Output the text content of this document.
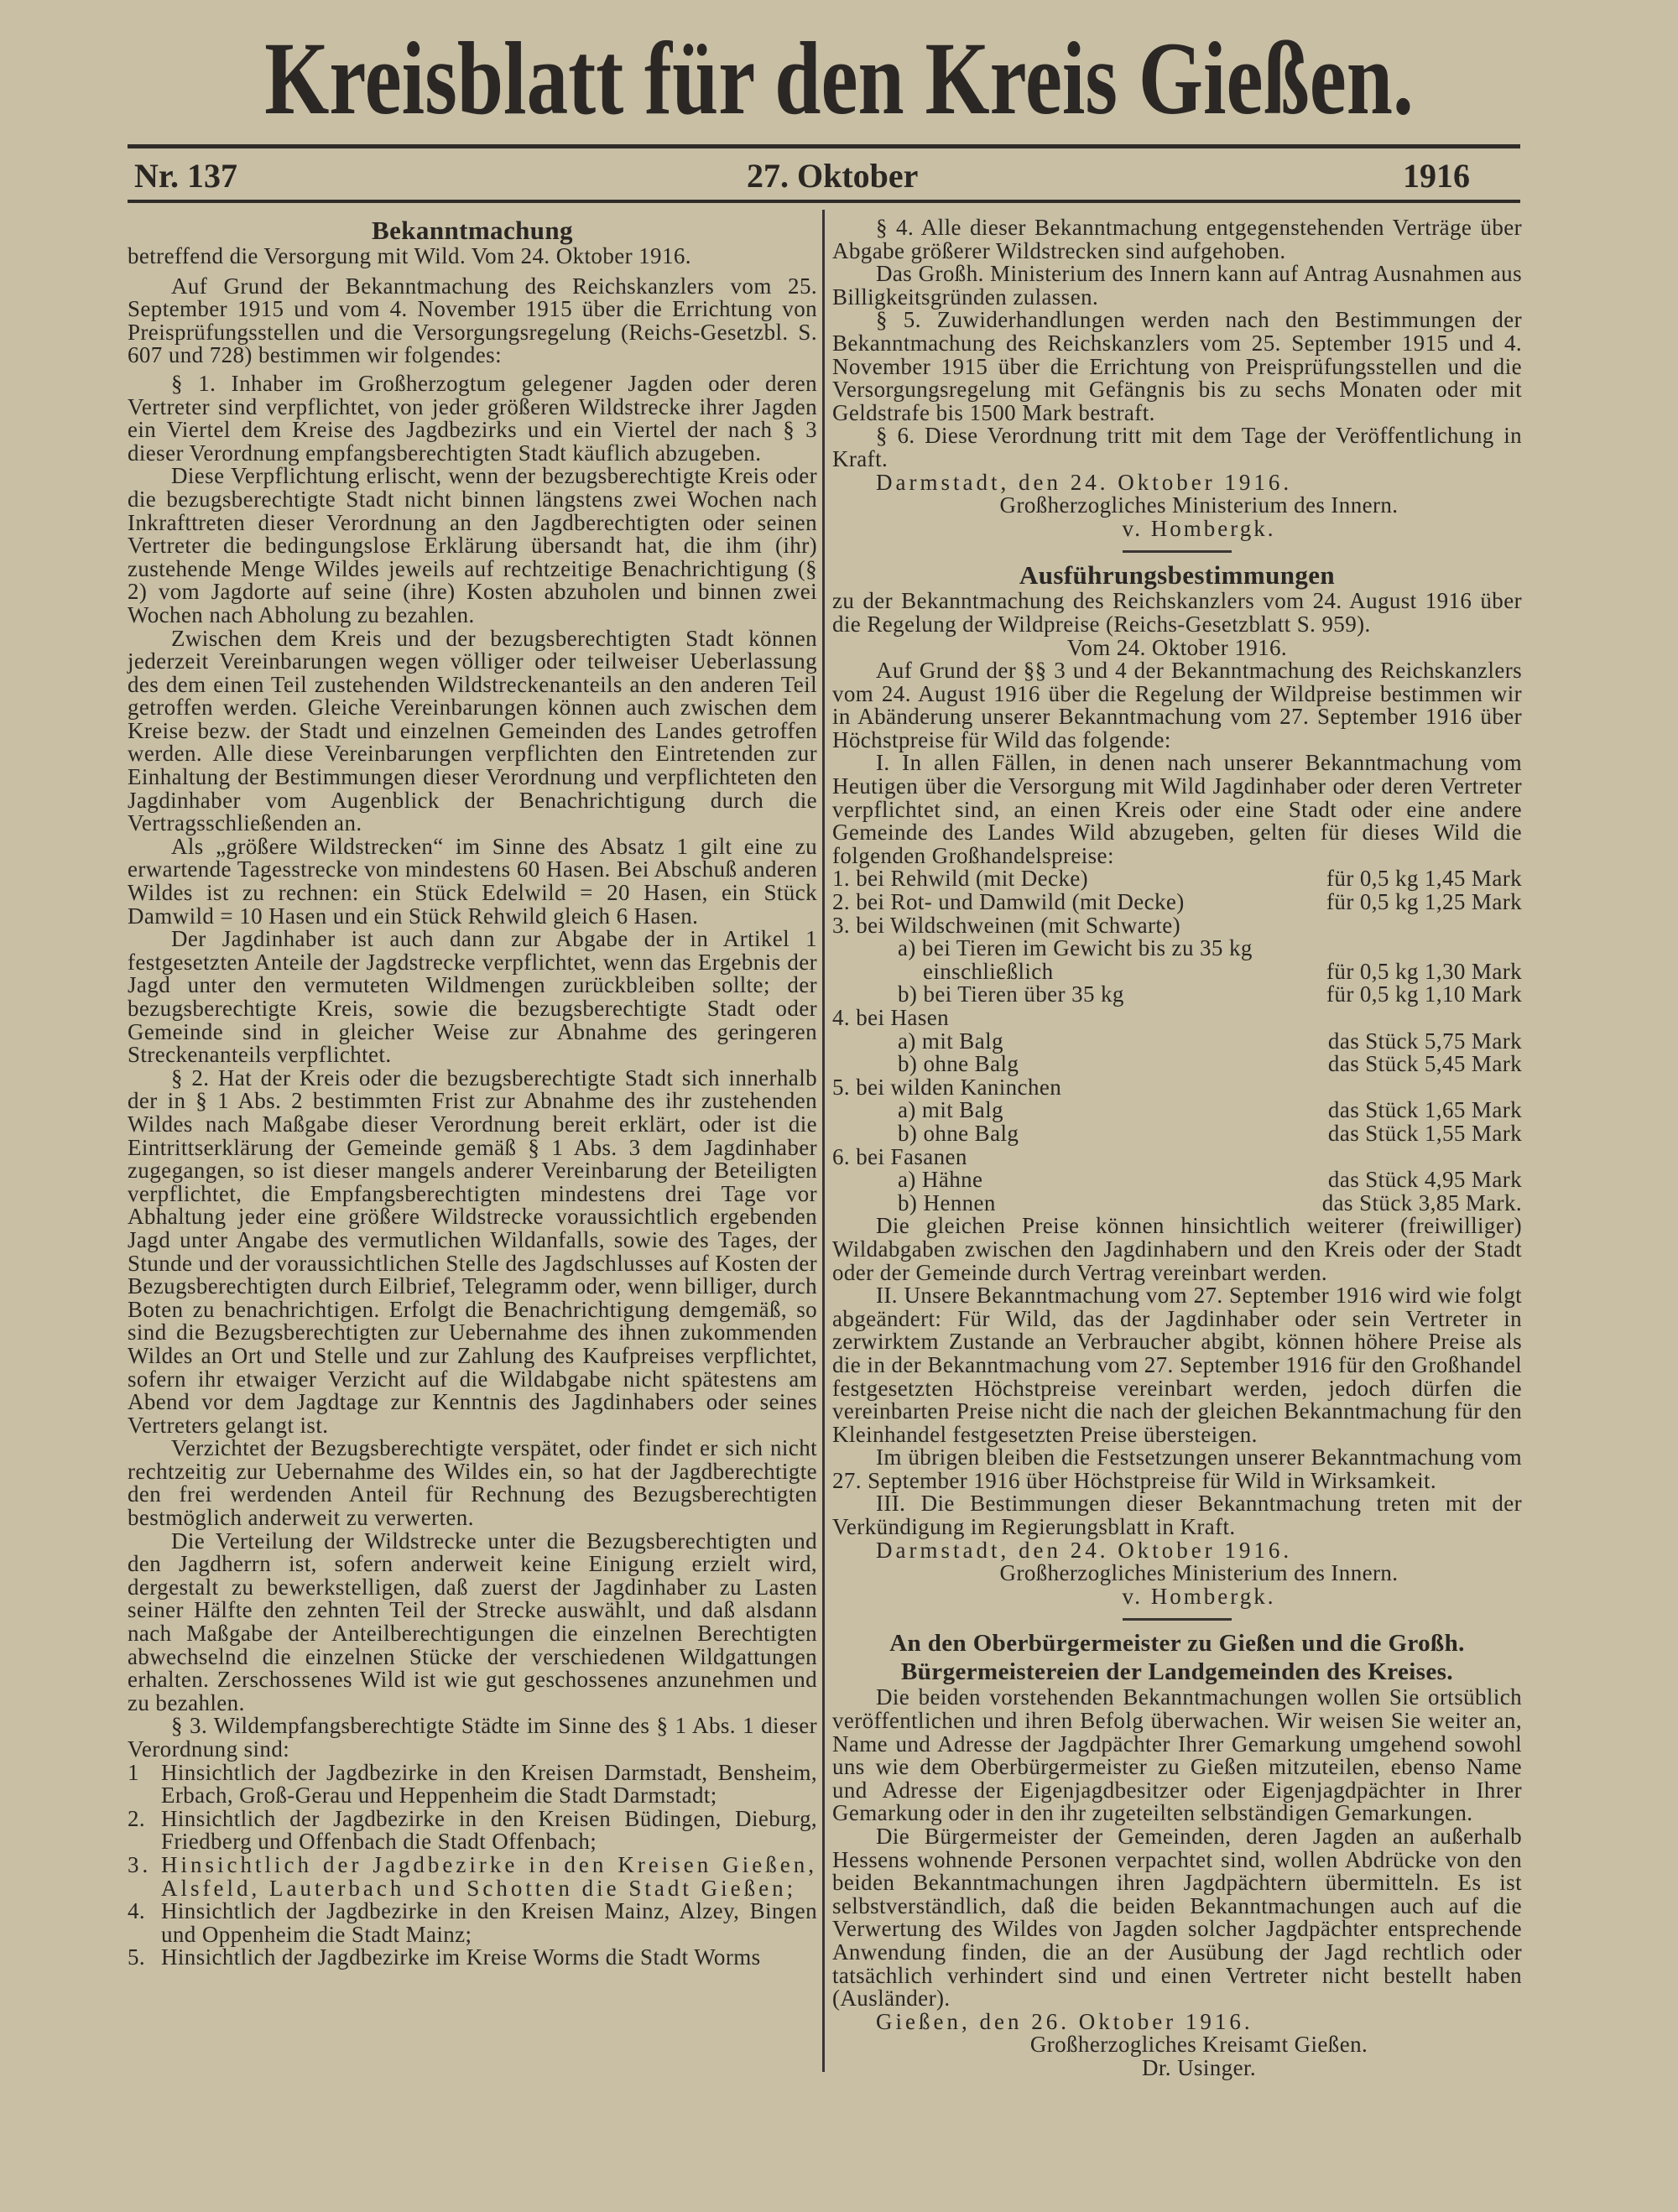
Kreisblatt für den Kreis Gießen.
Nr. 137	27. Oktober	1916
Bekanntmachung

betreffend die Versorgung mit Wild. Vom 24. Oktober 1916.

Auf Grund der Bekanntmachung des Reichskanzlers vom 25. September 1915 und vom 4. November 1915 über die Errichtung von Preisprüfungsstellen und die Versorgungsregelung (Reichs-Gesetzbl. S. 607 und 728) bestimmen wir folgendes:

§ 1. Inhaber im Großherzogtum gelegener Jagden oder deren Vertreter sind verpflichtet, von jeder größeren Wildstrecke ihrer Jagden ein Viertel dem Kreise des Jagdbezirks und ein Viertel der nach § 3 dieser Verordnung empfangsberechtigten Stadt käuflich abzugeben.

Diese Verpflichtung erlischt, wenn der bezugsberechtigte Kreis oder die bezugsberechtigte Stadt nicht binnen längstens zwei Wochen nach Inkrafttreten dieser Verordnung an den Jagdberechtigten oder seinen Vertreter die bedingungslose Erklärung übersandt hat, die ihm (ihr) zustehende Menge Wildes jeweils auf rechtzeitige Benachrichtigung (§ 2) vom Jagdorte auf seine (ihre) Kosten abzuholen und binnen zwei Wochen nach Abholung zu bezahlen.

Zwischen dem Kreis und der bezugsberechtigten Stadt können jederzeit Vereinbarungen wegen völliger oder teilweiser Ueberlassung des dem einen Teil zustehenden Wildstreckenanteils an den anderen Teil getroffen werden. Gleiche Vereinbarungen können auch zwischen dem Kreise bezw. der Stadt und einzelnen Gemeinden des Landes getroffen werden. Alle diese Vereinbarungen verpflichten den Eintretenden zur Einhaltung der Bestimmungen dieser Verordnung und verpflichteten den Jagdinhaber vom Augenblick der Benachrichtigung durch die Vertragsschließenden an.

Als „größere Wildstrecken“ im Sinne des Absatz 1 gilt eine zu erwartende Tagesstrecke von mindestens 60 Hasen. Bei Abschuß anderen Wildes ist zu rechnen: ein Stück Edelwild = 20 Hasen, ein Stück Damwild = 10 Hasen und ein Stück Rehwild gleich 6 Hasen.

Der Jagdinhaber ist auch dann zur Abgabe der in Artikel 1 festgesetzten Anteile der Jagdstrecke verpflichtet, wenn das Ergebnis der Jagd unter den vermuteten Wildmengen zurückbleiben sollte; der bezugsberechtigte Kreis, sowie die bezugsberechtigte Stadt oder Gemeinde sind in gleicher Weise zur Abnahme des geringeren Streckenanteils verpflichtet.

§ 2. Hat der Kreis oder die bezugsberechtigte Stadt sich innerhalb der in § 1 Abs. 2 bestimmten Frist zur Abnahme des ihr zustehenden Wildes nach Maßgabe dieser Verordnung bereit erklärt, oder ist die Eintrittserklärung der Gemeinde gemäß § 1 Abs. 3 dem Jagdinhaber zugegangen, so ist dieser mangels anderer Vereinbarung der Beteiligten verpflichtet, die Empfangsberechtigten mindestens drei Tage vor Abhaltung jeder eine größere Wildstrecke voraussichtlich ergebenden Jagd unter Angabe des vermutlichen Wildanfalls, sowie des Tages, der Stunde und der voraussichtlichen Stelle des Jagdschlusses auf Kosten der Bezugsberechtigten durch Eilbrief, Telegramm oder, wenn billiger, durch Boten zu benachrichtigen. Erfolgt die Benachrichtigung demgemäß, so sind die Bezugsberechtigten zur Uebernahme des ihnen zukommenden Wildes an Ort und Stelle und zur Zahlung des Kaufpreises verpflichtet, sofern ihr etwaiger Verzicht auf die Wildabgabe nicht spätestens am Abend vor dem Jagdtage zur Kenntnis des Jagdinhabers oder seines Vertreters gelangt ist.

Verzichtet der Bezugsberechtigte verspätet, oder findet er sich nicht rechtzeitig zur Uebernahme des Wildes ein, so hat der Jagdberechtigte den frei werdenden Anteil für Rechnung des Bezugsberechtigten bestmöglich anderweit zu verwerten.

Die Verteilung der Wildstrecke unter die Bezugsberechtigten und den Jagdherrn ist, sofern anderweit keine Einigung erzielt wird, dergestalt zu bewerkstelligen, daß zuerst der Jagdinhaber zu Lasten seiner Hälfte den zehnten Teil der Strecke auswählt, und daß alsdann nach Maßgabe der Anteilberechtigungen die einzelnen Berechtigten abwechselnd die einzelnen Stücke der verschiedenen Wildgattungen erhalten. Zerschossenes Wild ist wie gut geschossenes anzunehmen und zu bezahlen.

§ 3. Wildempfangsberechtigte Städte im Sinne des § 1 Abs. 1 dieser Verordnung sind:

1 Hinsichtlich der Jagdbezirke in den Kreisen Darmstadt, Bensheim, Erbach, Groß-Gerau und Heppenheim die Stadt Darmstadt;
2. Hinsichtlich der Jagdbezirke in den Kreisen Büdingen, Dieburg, Friedberg und Offenbach die Stadt Offenbach;
3. Hinsichtlich der Jagdbezirke in den Kreisen Gießen, Alsfeld, Lauterbach und Schotten die Stadt Gießen;
4. Hinsichtlich der Jagdbezirke in den Kreisen Mainz, Alzey, Bingen und Oppenheim die Stadt Mainz;
5. Hinsichtlich der Jagdbezirke im Kreise Worms die Stadt Worms

§ 4. Alle dieser Bekanntmachung entgegenstehenden Verträge über Abgabe größerer Wildstrecken sind aufgehoben.

Das Großh. Ministerium des Innern kann auf Antrag Ausnahmen aus Billigkeitsgründen zulassen.

§ 5. Zuwiderhandlungen werden nach den Bestimmungen der Bekanntmachung des Reichskanzlers vom 25. September 1915 und 4. November 1915 über die Errichtung von Preisprüfungsstellen und die Versorgungsregelung mit Gefängnis bis zu sechs Monaten oder mit Geldstrafe bis 1500 Mark bestraft.

§ 6. Diese Verordnung tritt mit dem Tage der Veröffentlichung in Kraft.

Darmstadt, den 24. Oktober 1916.

Großherzogliches Ministerium des Innern.

v. Hombergk.

Ausführungsbestimmungen

zu der Bekanntmachung des Reichskanzlers vom 24. August 1916 über die Regelung der Wildpreise (Reichs-Gesetzblatt S. 959).

Vom 24. Oktober 1916.

Auf Grund der §§ 3 und 4 der Bekanntmachung des Reichskanzlers vom 24. August 1916 über die Regelung der Wildpreise bestimmen wir in Abänderung unserer Bekanntmachung vom 27. September 1916 über Höchstpreise für Wild das folgende:

I. In allen Fällen, in denen nach unserer Bekanntmachung vom Heutigen über die Versorgung mit Wild Jagdinhaber oder deren Vertreter verpflichtet sind, an einen Kreis oder eine Stadt oder eine andere Gemeinde des Landes Wild abzugeben, gelten für dieses Wild die folgenden Großhandelspreise:

1. bei Rehwild (mit Decke)	für 0,5 kg 1,45 Mark
2. bei Rot- und Damwild (mit Decke)	für 0,5 kg 1,25 Mark
3. bei Wildschweinen (mit Schwarte)
a) bei Tieren im Gewicht bis zu 35 kg
einschließlich	für 0,5 kg 1,30 Mark
b) bei Tieren über 35 kg	für 0,5 kg 1,10 Mark
4. bei Hasen
a) mit Balg	das Stück 5,75 Mark
b) ohne Balg	das Stück 5,45 Mark
5. bei wilden Kaninchen
a) mit Balg	das Stück 1,65 Mark
b) ohne Balg	das Stück 1,55 Mark
6. bei Fasanen
a) Hähne	das Stück 4,95 Mark
b) Hennen	das Stück 3,85 Mark.

Die gleichen Preise können hinsichtlich weiterer (freiwilliger) Wildabgaben zwischen den Jagdinhabern und den Kreis oder der Stadt oder der Gemeinde durch Vertrag vereinbart werden.

II. Unsere Bekanntmachung vom 27. September 1916 wird wie folgt abgeändert: Für Wild, das der Jagdinhaber oder sein Vertreter in zerwirktem Zustande an Verbraucher abgibt, können höhere Preise als die in der Bekanntmachung vom 27. September 1916 für den Großhandel festgesetzten Höchstpreise vereinbart werden, jedoch dürfen die vereinbarten Preise nicht die nach der gleichen Bekanntmachung für den Kleinhandel festgesetzten Preise übersteigen.

Im übrigen bleiben die Festsetzungen unserer Bekanntmachung vom 27. September 1916 über Höchstpreise für Wild in Wirksamkeit.

III. Die Bestimmungen dieser Bekanntmachung treten mit der Verkündigung im Regierungsblatt in Kraft.

Darmstadt, den 24. Oktober 1916.

Großherzogliches Ministerium des Innern.

v. Hombergk.

An den Oberbürgermeister zu Gießen und die Großh. Bürgermeistereien der Landgemeinden des Kreises.

Die beiden vorstehenden Bekanntmachungen wollen Sie ortsüblich veröffentlichen und ihren Befolg überwachen. Wir weisen Sie weiter an, Name und Adresse der Jagdpächter Ihrer Gemarkung umgehend sowohl uns wie dem Oberbürgermeister zu Gießen mitzuteilen, ebenso Name und Adresse der Eigenjagdbesitzer oder Eigenjagdpächter in Ihrer Gemarkung oder in den ihr zugeteilten selbständigen Gemarkungen.

Die Bürgermeister der Gemeinden, deren Jagden an außerhalb Hessens wohnende Personen verpachtet sind, wollen Abdrücke von den beiden Bekanntmachungen ihren Jagdpächtern übermitteln. Es ist selbstverständlich, daß die beiden Bekanntmachungen auch auf die Verwertung des Wildes von Jagden solcher Jagdpächter entsprechende Anwendung finden, die an der Ausübung der Jagd rechtlich oder tatsächlich verhindert sind und einen Vertreter nicht bestellt haben (Ausländer).

Gießen, den 26. Oktober 1916.

Großherzogliches Kreisamt Gießen.

Dr. Usinger.
